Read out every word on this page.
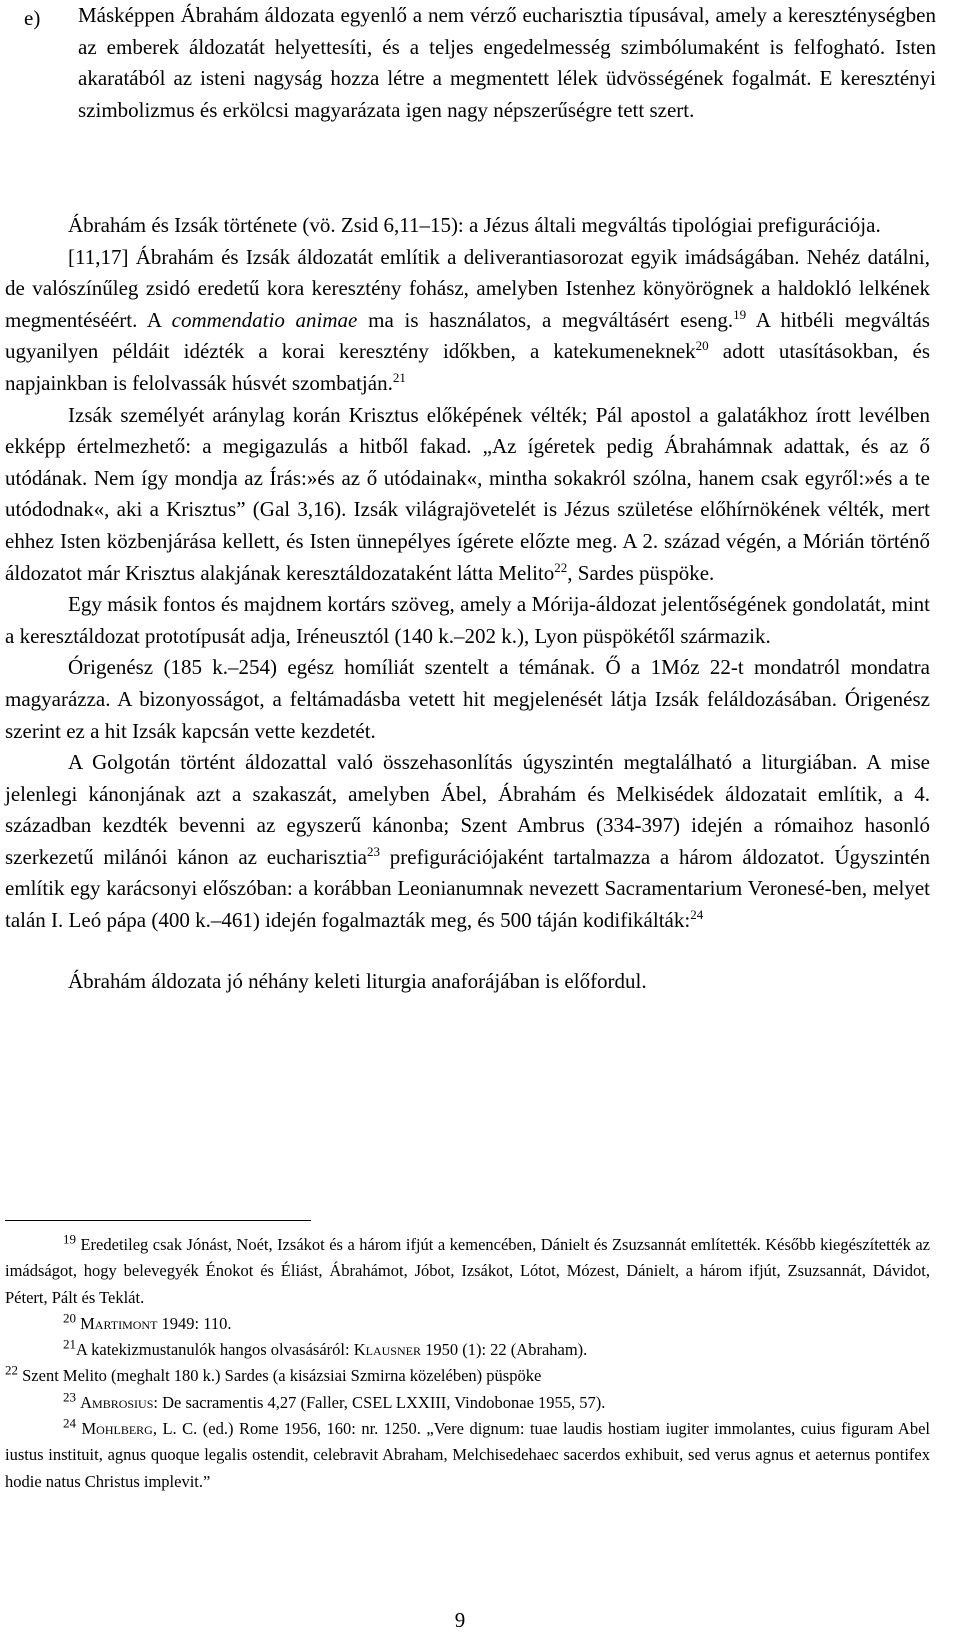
e) Másképpen Ábrahám áldozata egyenlő a nem vérző eucharisztia típusával, amely a kereszténységben az emberek áldozatát helyettesíti, és a teljes engedelmesség szimbólumaként is felfogható. Isten akaratából az isteni nagyság hozza létre a megmentett lélek üdvösségének fogalmát. E keresztényi szimbolizmus és erkölcsi magyarázata igen nagy népszerűségre tett szert.

Ábrahám és Izsák története (vö. Zsid 6,11–15): a Jézus általi megváltás tipológiai prefigurációja.

[11,17] Ábrahám és Izsák áldozatát említik a deliverantiasorozat egyik imádságában. Nehéz datálni, de valószínűleg zsidó eredetű kora keresztény fohász, amelyben Istenhez könyörögnek a haldokló lelkének megmentéséért. A commendatio animae ma is használatos, a megváltásért eseng.$^{19}$ A hitbéli megváltás ugyanilyen példáit idézték a korai keresztény időkben, a katekumeneknek$^{20}$ adott utasításokban, és napjainkban is felolvassák húsvét szombatján.$^{21}$

Izsák személyét aránylag korán Krisztus előképének vélték; Pál apostol a galatákhoz írott levélben ekképp értelmezhető: a megigazulás a hitből fakad. „Az ígéretek pedig Ábrahámnak adattak, és az ő utódának. Nem így mondja az Írás:»és az ő utódainak«, mintha sokakról szólna, hanem csak egyről:»és a te utódodnak«, aki a Krisztus” (Gal 3,16). Izsák világrajövetelét is Jézus születése előhírnökének vélték, mert ehhez Isten közbenjárása kellett, és Isten ünnepélyes ígérete előzte meg. A 2. század végén, a Mórián történő áldozatot már Krisztus alakjának keresztáldozataként látta Melito$^{22}$, Sardes püspöke.

Egy másik fontos és majdnem kortárs szöveg, amely a Mórija-áldozat jelentőségének gondolatát, mint a keresztáldozat prototípusát adja, Iréneusztól (140 k.–202 k.), Lyon püspökétől származik.

Órigenész (185 k.–254) egész homíliát szentelt a témának. Ő a 1Móz 22-t mondatról mondatra magyarázza. A bizonyosságot, a feltámadásba vetett hit megjelenését látja Izsák feláldozásában. Órigenész szerint ez a hit Izsák kapcsán vette kezdetét.

A Golgotán történt áldozattal való összehasonlítás úgyszintén megtalálható a liturgiában. A mise jelenlegi kánonjának azt a szakaszát, amelyben Ábel, Ábrahám és Melkisédek áldozatait említik, a 4. században kezdték bevenni az egyszerű kánonba; Szent Ambrus (334-397) idején a rómaihoz hasonló szerkezetű milánói kánon az eucharisztia$^{23}$ prefigurációjaként tartalmazza a három áldozatot. Úgyszintén említik egy karácsonyi előszóban: a korábban Leonianumnak nevezett Sacramentarium Veronesé-ben, melyet talán I. Leó pápa (400 k.–461) idején fogalmazták meg, és 500 táján kodifikálták:$^{24}$

Ábrahám áldozata jó néhány keleti liturgia anaforájában is előfordul.

$^{19}$ Eredetileg csak Jónást, Noét, Izsákot és a három ifjút a kemencében, Dánielt és Zsuzsannát említették. Később kiegészítették az imádságot, hogy belevegyék Énokot és Éliást, Ábrahámot, Jóbot, Izsákot, Lótot, Mózest, Dánielt, a három ifjút, Zsuzsannát, Dávidot, Pétert, Pált és Teklát.

$^{20}$ Martimont 1949: 110.

$^{21}$A katekizmustanulók hangos olvasásáról: Klausner 1950 (1): 22 (Abraham).

$^{22}$ Szent Melito (meghalt 180 k.) Sardes (a kisázsiai Szmirna közelében) püspöke

$^{23}$ Ambrosius: De sacramentis 4,27 (Faller, CSEL LXXIII, Vindobonae 1955, 57).

$^{24}$ Mohlberg, L. C. (ed.) Rome 1956, 160: nr. 1250. „Vere dignum: tuae laudis hostiam iugiter immolantes, cuius figuram Abel iustus instituit, agnus quoque legalis ostendit, celebravit Abraham, Melchisedehaec sacerdos exhibuit, sed verus agnus et aeternus pontifex hodie natus Christus implevit.”

9
